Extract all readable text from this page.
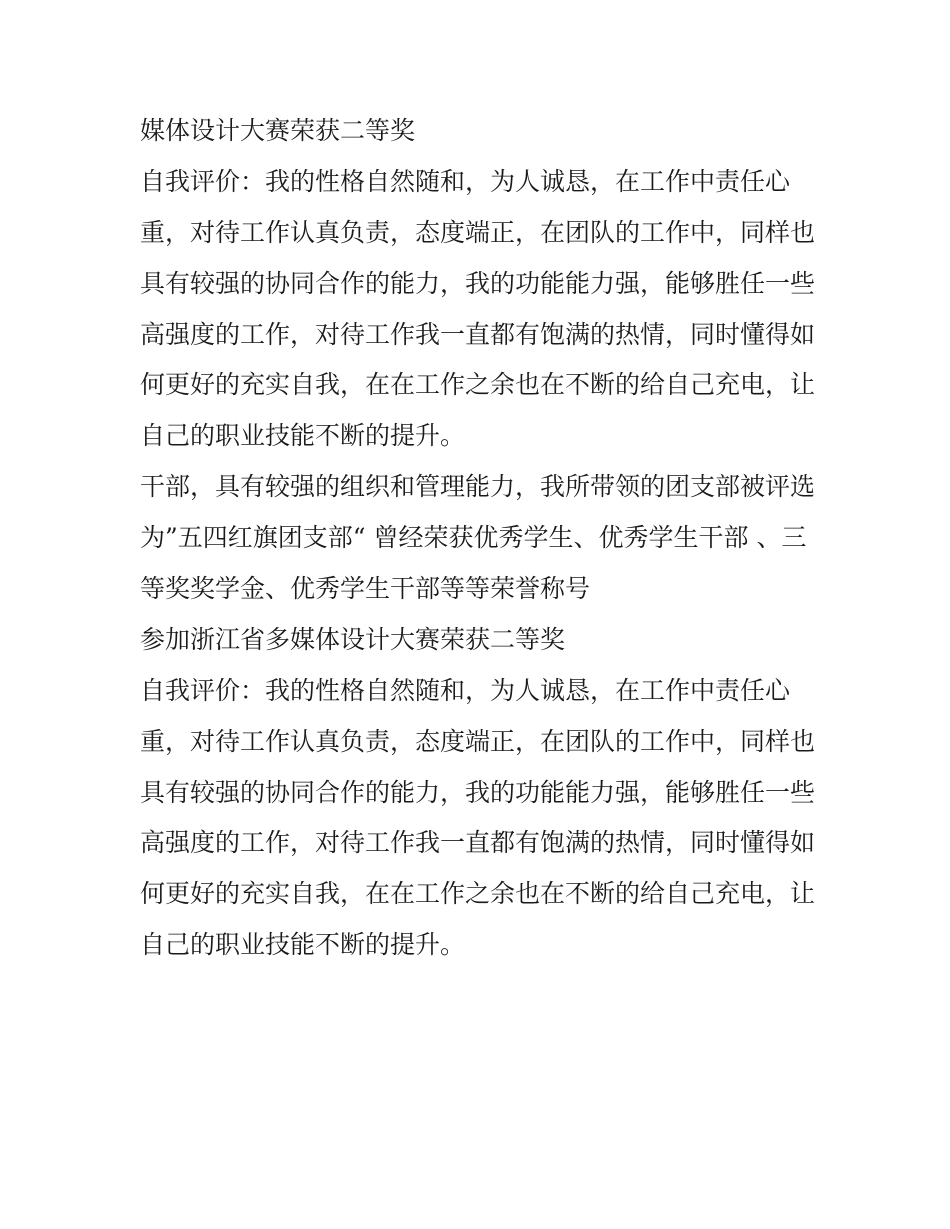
媒体设计大赛荣获二等奖
自我评价：我的性格自然随和，为人诚恳，在工作中责任心
重，对待工作认真负责，态度端正，在团队的工作中，同样也
具有较强的协同合作的能力，我的功能能力强，能够胜任一些
高强度的工作，对待工作我一直都有饱满的热情，同时懂得如
何更好的充实自我，在在工作之余也在不断的给自己充电，让
自己的职业技能不断的提升。
干部，具有较强的组织和管理能力，我所带领的团支部被评选
为”五四红旗团支部“ 曾经荣获优秀学生、优秀学生干部 、三
等奖奖学金、优秀学生干部等等荣誉称号
参加浙江省多媒体设计大赛荣获二等奖
自我评价：我的性格自然随和，为人诚恳，在工作中责任心
重，对待工作认真负责，态度端正，在团队的工作中，同样也
具有较强的协同合作的能力，我的功能能力强，能够胜任一些
高强度的工作，对待工作我一直都有饱满的热情，同时懂得如
何更好的充实自我，在在工作之余也在不断的给自己充电，让
自己的职业技能不断的提升。
